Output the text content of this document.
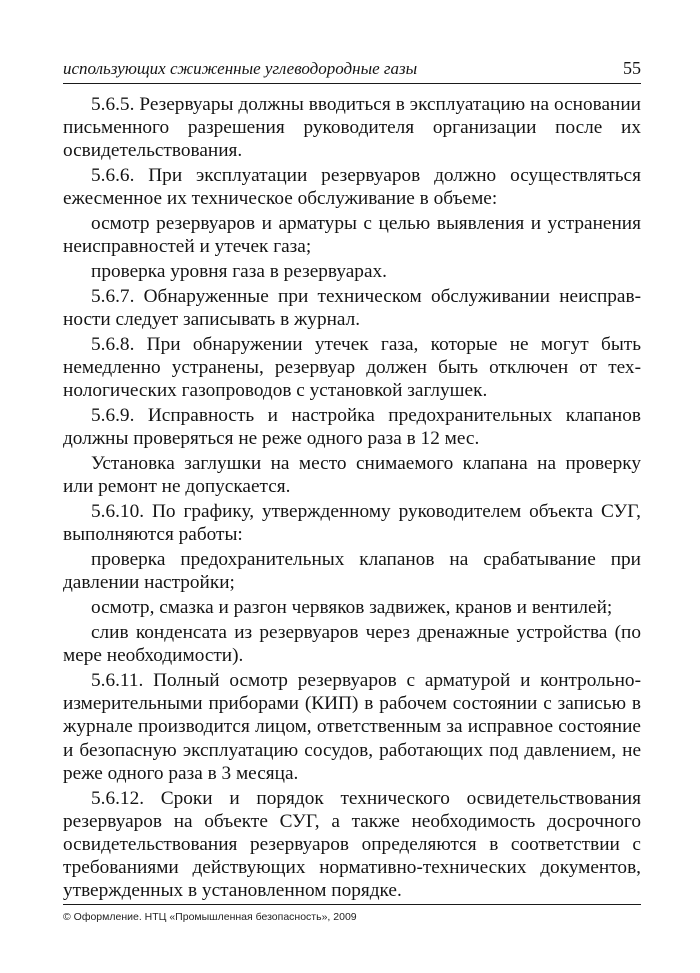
использующих сжиженные углеводородные газы	55

5.6.5. Резервуары должны вводиться в эксплуатацию на основании письменного разрешения руководителя организации после их освидетельствования.

5.6.6. При эксплуатации резервуаров должно осуществляться ежесменное их техническое обслуживание в объеме:

осмотр резервуаров и арматуры с целью выявления и устранения неисправностей и утечек газа;

проверка уровня газа в резервуарах.

5.6.7. Обнаруженные при техническом обслуживании неисправности следует записывать в журнал.

5.6.8. При обнаружении утечек газа, которые не могут быть немедленно устранены, резервуар должен быть отключен от технологических газопроводов с установкой заглушек.

5.6.9. Исправность и настройка предохранительных клапанов должны проверяться не реже одного раза в 12 мес.

Установка заглушки на место снимаемого клапана на проверку или ремонт не допускается.

5.6.10. По графику, утвержденному руководителем объекта СУГ, выполняются работы:

проверка предохранительных клапанов на срабатывание при давлении настройки;

осмотр, смазка и разгон червяков задвижек, кранов и вентилей;

слив конденсата из резервуаров через дренажные устройства (по мере необходимости).

5.6.11. Полный осмотр резервуаров с арматурой и контрольно-измерительными приборами (КИП) в рабочем состоянии с записью в журнале производится лицом, ответственным за исправное состояние и безопасную эксплуатацию сосудов, работающих под давлением, не реже одного раза в 3 месяца.

5.6.12. Сроки и порядок технического освидетельствования резервуаров на объекте СУГ, а также необходимость досрочного освидетельствования резервуаров определяются в соответствии с требованиями действующих нормативно-технических документов, утвержденных в установленном порядке.

© Оформление. НТЦ «Промышленная безопасность», 2009
